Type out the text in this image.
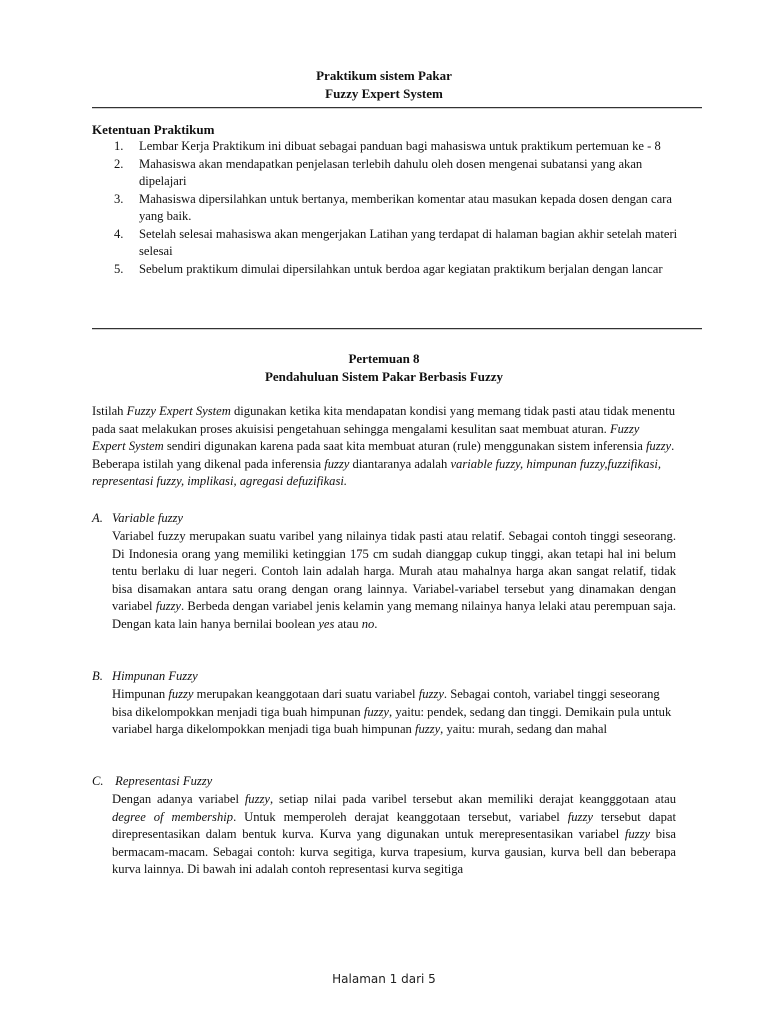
Praktikum sistem Pakar
Fuzzy Expert System
Ketentuan Praktikum
1. Lembar Kerja Praktikum ini dibuat sebagai panduan bagi mahasiswa untuk praktikum pertemuan ke - 8
2. Mahasiswa akan mendapatkan penjelasan terlebih dahulu oleh dosen mengenai subatansi yang akan dipelajari
3. Mahasiswa dipersilahkan untuk bertanya, memberikan komentar atau masukan kepada dosen dengan cara yang baik.
4. Setelah selesai mahasiswa akan mengerjakan Latihan yang terdapat di halaman bagian akhir setelah materi selesai
5. Sebelum praktikum dimulai dipersilahkan untuk berdoa agar kegiatan praktikum berjalan dengan lancar
Pertemuan 8
Pendahuluan Sistem Pakar Berbasis Fuzzy

Istilah Fuzzy Expert System digunakan ketika kita mendapatan kondisi yang memang tidak pasti atau tidak menentu pada saat melakukan proses akuisisi pengetahuan sehingga mengalami kesulitan saat membuat aturan. Fuzzy Expert System sendiri digunakan karena pada saat kita membuat aturan (rule) menggunakan sistem inferensia fuzzy. Beberapa istilah yang dikenal pada inferensia fuzzy diantaranya adalah variable fuzzy, himpunan fuzzy,fuzzifikasi, representasi fuzzy, implikasi, agregasi defuzifikasi.

A. Variable fuzzy

Variabel fuzzy merupakan suatu varibel yang nilainya tidak pasti atau relatif. Sebagai contoh tinggi seseorang. Di Indonesia orang yang memiliki ketinggian 175 cm sudah dianggap cukup tinggi, akan tetapi hal ini belum tentu berlaku di luar negeri. Contoh lain adalah harga. Murah atau mahalnya harga akan sangat relatif, tidak bisa disamakan antara satu orang dengan orang lainnya. Variabel-variabel tersebut yang dinamakan dengan variabel fuzzy. Berbeda dengan variabel jenis kelamin yang memang nilainya hanya lelaki atau perempuan saja. Dengan kata lain hanya bernilai boolean yes atau no.

B. Himpunan Fuzzy

Himpunan fuzzy merupakan keanggotaan dari suatu variabel fuzzy. Sebagai contoh, variabel tinggi seseorang bisa dikelompokkan menjadi tiga buah himpunan fuzzy, yaitu: pendek, sedang dan tinggi. Demikain pula untuk variabel harga dikelompokkan menjadi tiga buah himpunan fuzzy, yaitu: murah, sedang dan mahal

C. Representasi Fuzzy

Dengan adanya variabel fuzzy, setiap nilai pada varibel tersebut akan memiliki derajat keangggotaan atau degree of membership. Untuk memperoleh derajat keanggotaan tersebut, variabel fuzzy tersebut dapat direpresentasikan dalam bentuk kurva. Kurva yang digunakan untuk merepresentasikan variabel fuzzy bisa bermacam-macam. Sebagai contoh: kurva segitiga, kurva trapesium, kurva gausian, kurva bell dan beberapa kurva lainnya. Di bawah ini adalah contoh representasi kurva segitiga

Halaman 1 dari 5
